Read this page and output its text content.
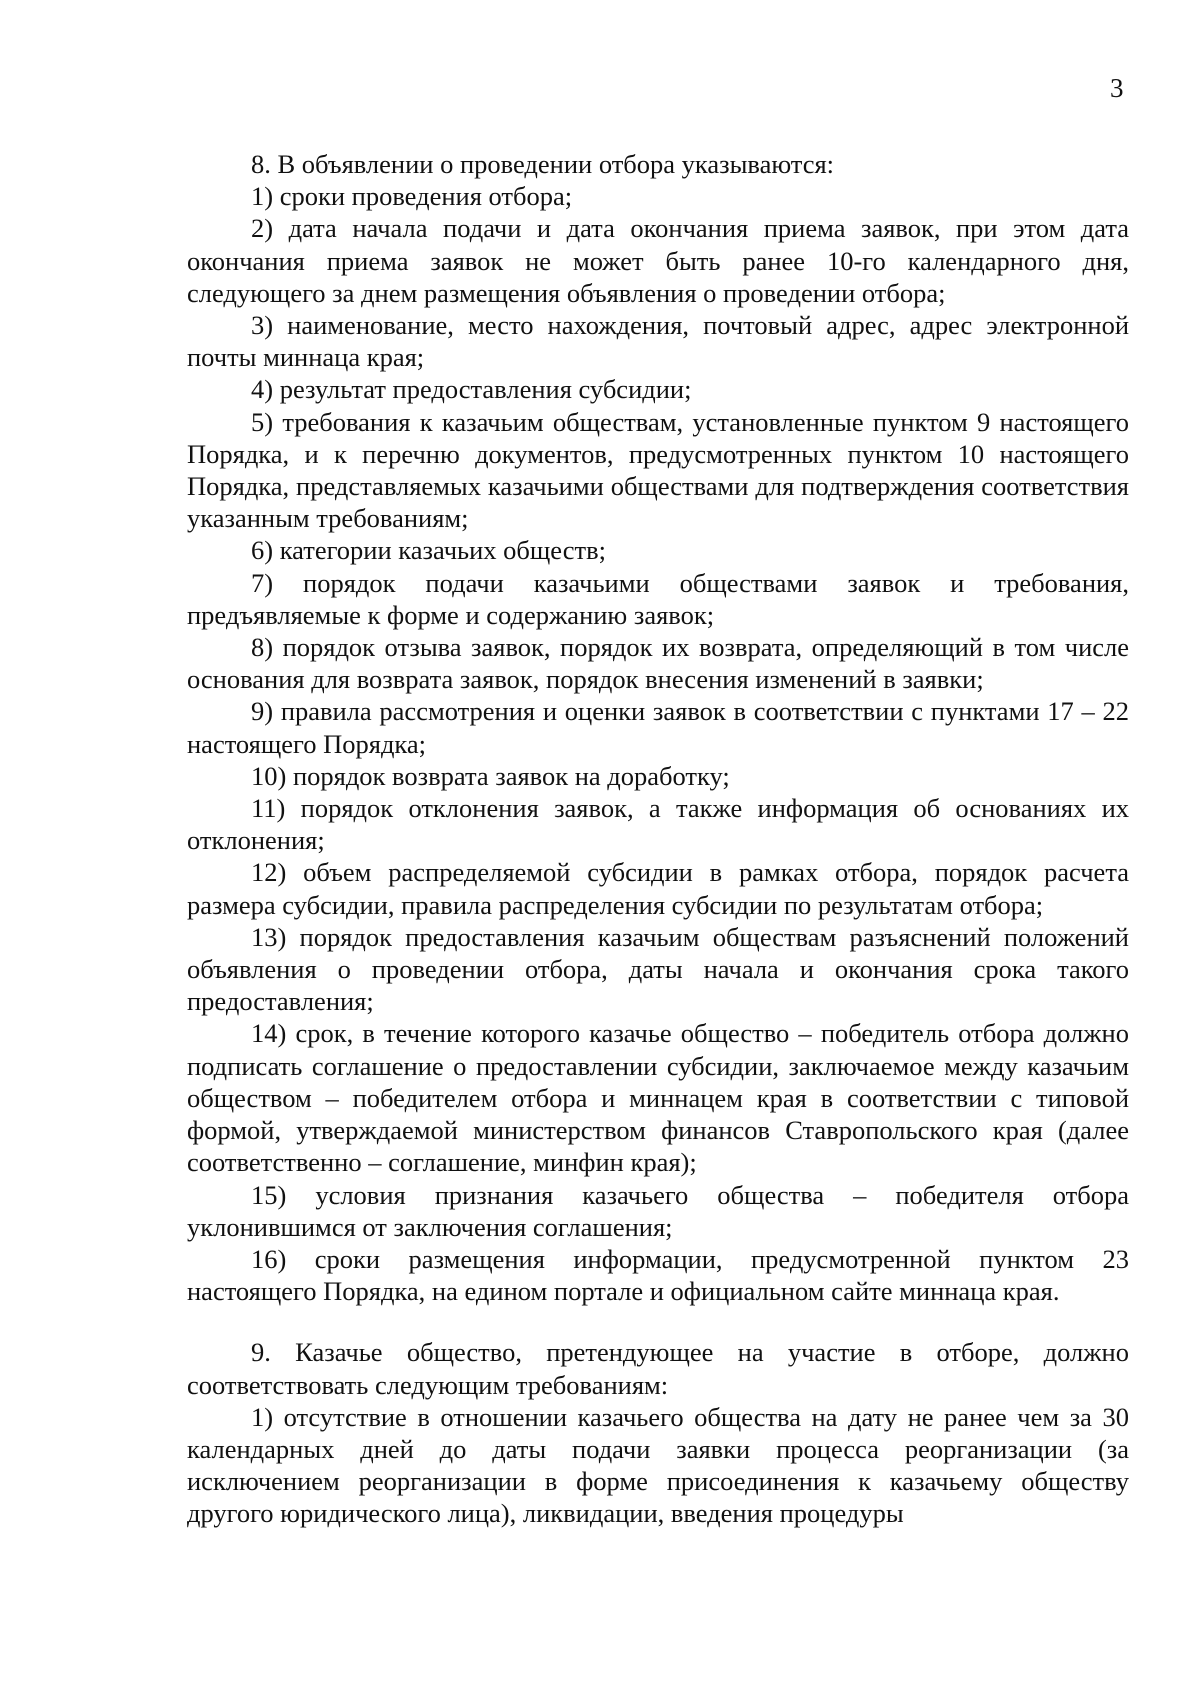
3

8. В объявлении о проведении отбора указываются:

1) сроки проведения отбора;

2) дата начала подачи и дата окончания приема заявок, при этом дата окончания приема заявок не может быть ранее 10-го календарного дня, следующего за днем размещения объявления о проведении отбора;

3) наименование, место нахождения, почтовый адрес, адрес электронной почты миннаца края;

4) результат предоставления субсидии;

5) требования к казачьим обществам, установленные пунктом 9 настоящего Порядка, и к перечню документов, предусмотренных пунктом 10 настоящего Порядка, представляемых казачьими обществами для подтверждения соответствия указанным требованиям;

6) категории казачьих обществ;

7) порядок подачи казачьими обществами заявок и требования, предъявляемые к форме и содержанию заявок;

8) порядок отзыва заявок, порядок их возврата, определяющий в том числе основания для возврата заявок, порядок внесения изменений в заявки;

9) правила рассмотрения и оценки заявок в соответствии с пунктами 17 – 22 настоящего Порядка;

10) порядок возврата заявок на доработку;

11) порядок отклонения заявок, а также информация об основаниях их отклонения;

12) объем распределяемой субсидии в рамках отбора, порядок расчета размера субсидии, правила распределения субсидии по результатам отбора;

13) порядок предоставления казачьим обществам разъяснений положений объявления о проведении отбора, даты начала и окончания срока такого предоставления;

14) срок, в течение которого казачье общество – победитель отбора должно подписать соглашение о предоставлении субсидии, заключаемое между казачьим обществом – победителем отбора и миннацем края в соответствии с типовой формой, утверждаемой министерством финансов Ставропольского края (далее соответственно – соглашение, минфин края);

15) условия признания казачьего общества – победителя отбора уклонившимся от заключения соглашения;

16) сроки размещения информации, предусмотренной пунктом 23 настоящего Порядка, на едином портале и официальном сайте миннаца края.

9. Казачье общество, претендующее на участие в отборе, должно соответствовать следующим требованиям:

1) отсутствие в отношении казачьего общества на дату не ранее чем за 30 календарных дней до даты подачи заявки процесса реорганизации (за исключением реорганизации в форме присоединения к казачьему обществу другого юридического лица), ликвидации, введения процедуры
